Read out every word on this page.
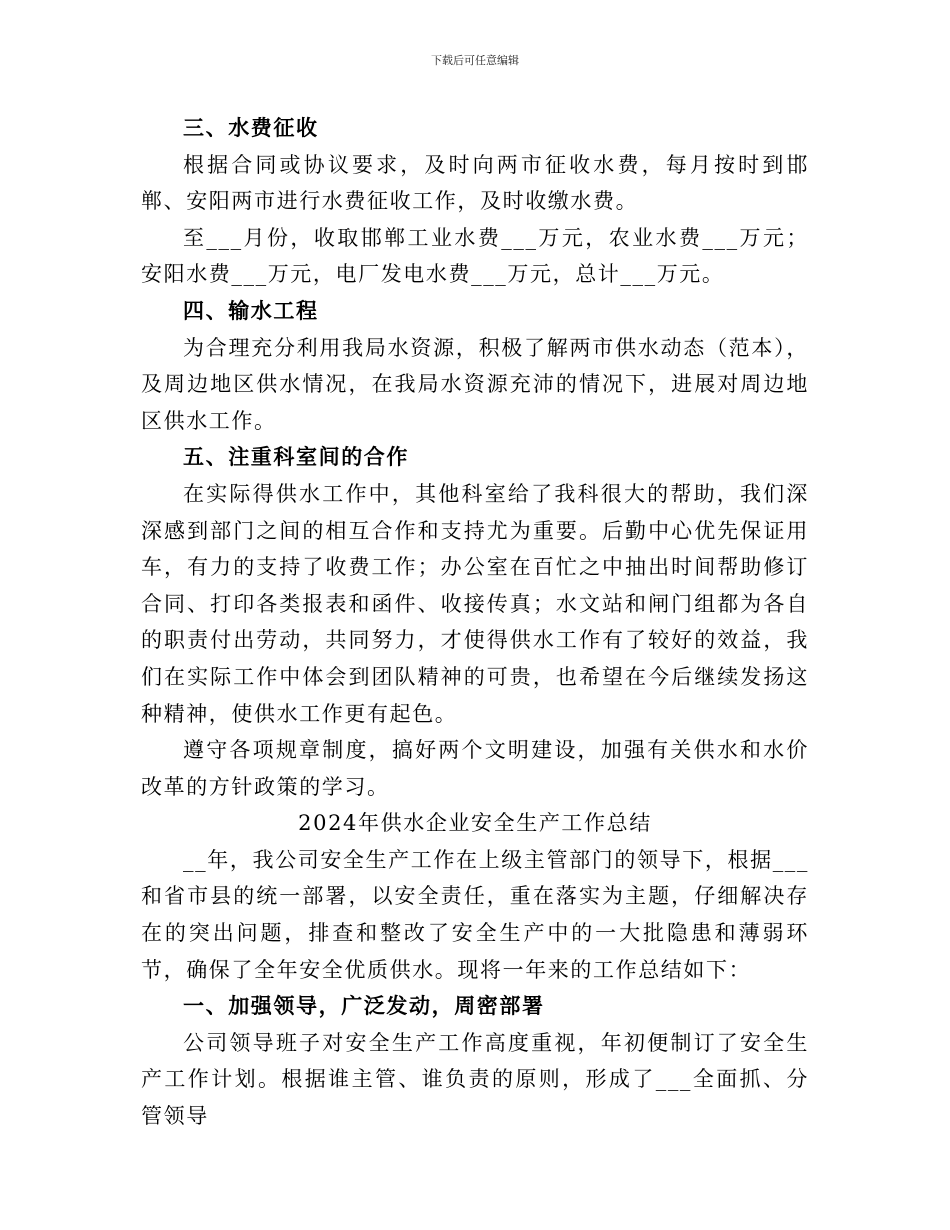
下载后可任意编辑

三、水费征收

根据合同或协议要求，及时向两市征收水费，每月按时到邯郸、安阳两市进行水费征收工作，及时收缴水费。

至___月份，收取邯郸工业水费___万元，农业水费___万元；安阳水费___万元，电厂发电水费___万元，总计___万元。

四、输水工程

为合理充分利用我局水资源，积极了解两市供水动态（范本），及周边地区供水情况，在我局水资源充沛的情况下，进展对周边地区供水工作。

五、注重科室间的合作

在实际得供水工作中，其他科室给了我科很大的帮助，我们深深感到部门之间的相互合作和支持尤为重要。后勤中心优先保证用车，有力的支持了收费工作；办公室在百忙之中抽出时间帮助修订合同、打印各类报表和函件、收接传真；水文站和闸门组都为各自的职责付出劳动，共同努力，才使得供水工作有了较好的效益，我们在实际工作中体会到团队精神的可贵，也希望在今后继续发扬这种精神，使供水工作更有起色。

遵守各项规章制度，搞好两个文明建设，加强有关供水和水价改革的方针政策的学习。

2024年供水企业安全生产工作总结

__年，我公司安全生产工作在上级主管部门的领导下，根据___和省市县的统一部署，以安全责任，重在落实为主题，仔细解决存在的突出问题，排查和整改了安全生产中的一大批隐患和薄弱环节，确保了全年安全优质供水。现将一年来的工作总结如下：

一、加强领导，广泛发动，周密部署

公司领导班子对安全生产工作高度重视，年初便制订了安全生产工作计划。根据谁主管、谁负责的原则，形成了___全面抓、分管领导
